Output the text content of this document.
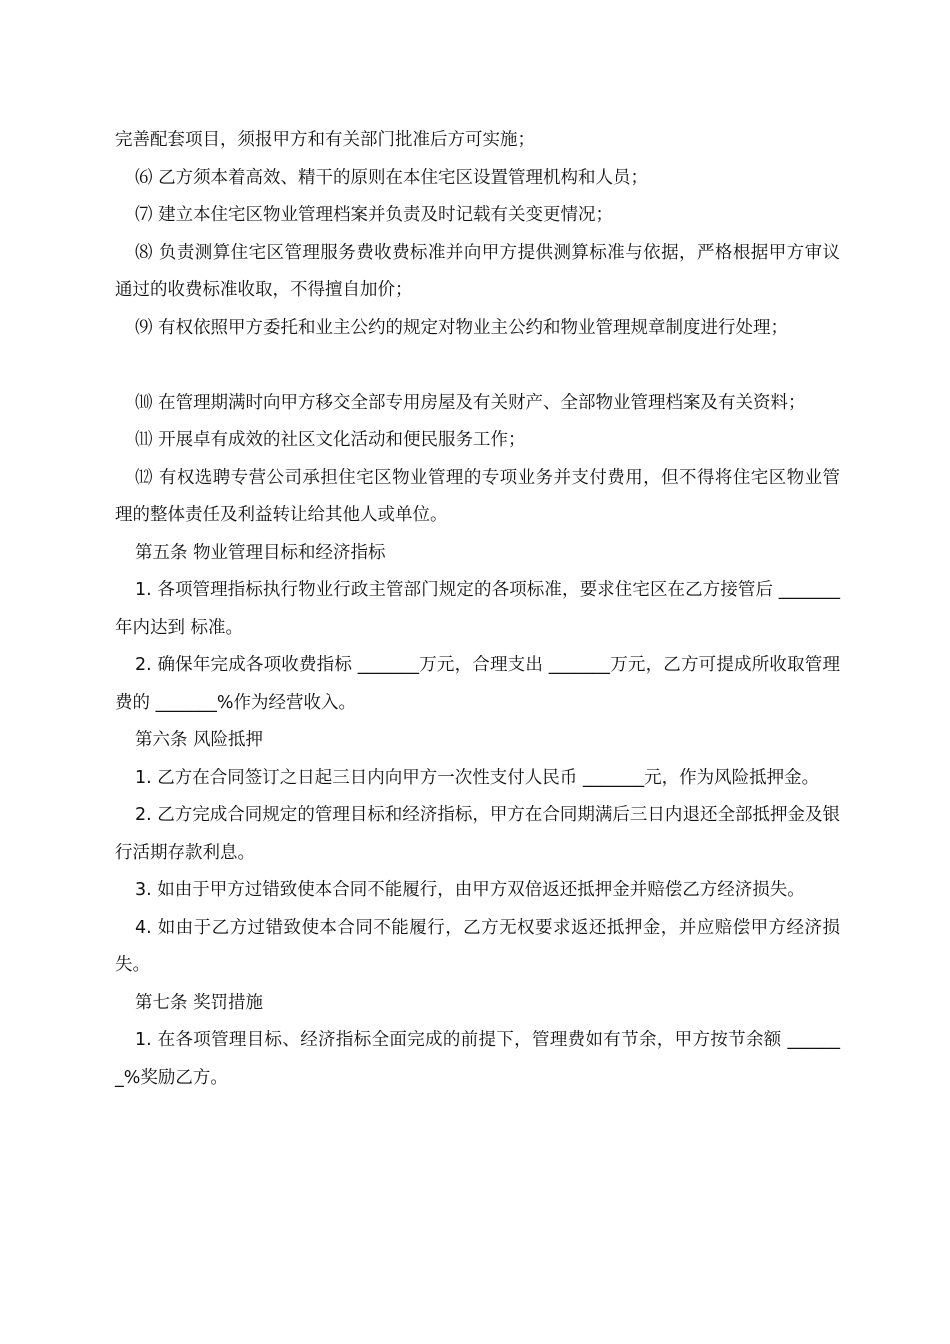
完善配套项目，须报甲方和有关部门批准后方可实施；

⑹ 乙方须本着高效、精干的原则在本住宅区设置管理机构和人员；

⑺ 建立本住宅区物业管理档案并负责及时记载有关变更情况；

⑻ 负责测算住宅区管理服务费收费标准并向甲方提供测算标准与依据，严格根据甲方审议通过的收费标准收取，不得擅自加价；

⑼ 有权依照甲方委托和业主公约的规定对物业主公约和物业管理规章制度进行处理；

⑽ 在管理期满时向甲方移交全部专用房屋及有关财产、全部物业管理档案及有关资料；

⑾ 开展卓有成效的社区文化活动和便民服务工作；

⑿ 有权选聘专营公司承担住宅区物业管理的专项业务并支付费用，但不得将住宅区物业管理的整体责任及利益转让给其他人或单位。

第五条 物业管理目标和经济指标

1. 各项管理指标执行物业行政主管部门规定的各项标准，要求住宅区在乙方接管后 _______年内达到 标准。

2. 确保年完成各项收费指标 _______万元，合理支出 _______万元，乙方可提成所收取管理费的 _______%作为经营收入。

第六条 风险抵押

1. 乙方在合同签订之日起三日内向甲方一次性支付人民币 _______元，作为风险抵押金。

2. 乙方完成合同规定的管理目标和经济指标，甲方在合同期满后三日内退还全部抵押金及银行活期存款利息。

3. 如由于甲方过错致使本合同不能履行，由甲方双倍返还抵押金并赔偿乙方经济损失。

4. 如由于乙方过错致使本合同不能履行，乙方无权要求返还抵押金，并应赔偿甲方经济损失。

第七条 奖罚措施

1. 在各项管理目标、经济指标全面完成的前提下，管理费如有节余，甲方按节余额 _______%奖励乙方。
